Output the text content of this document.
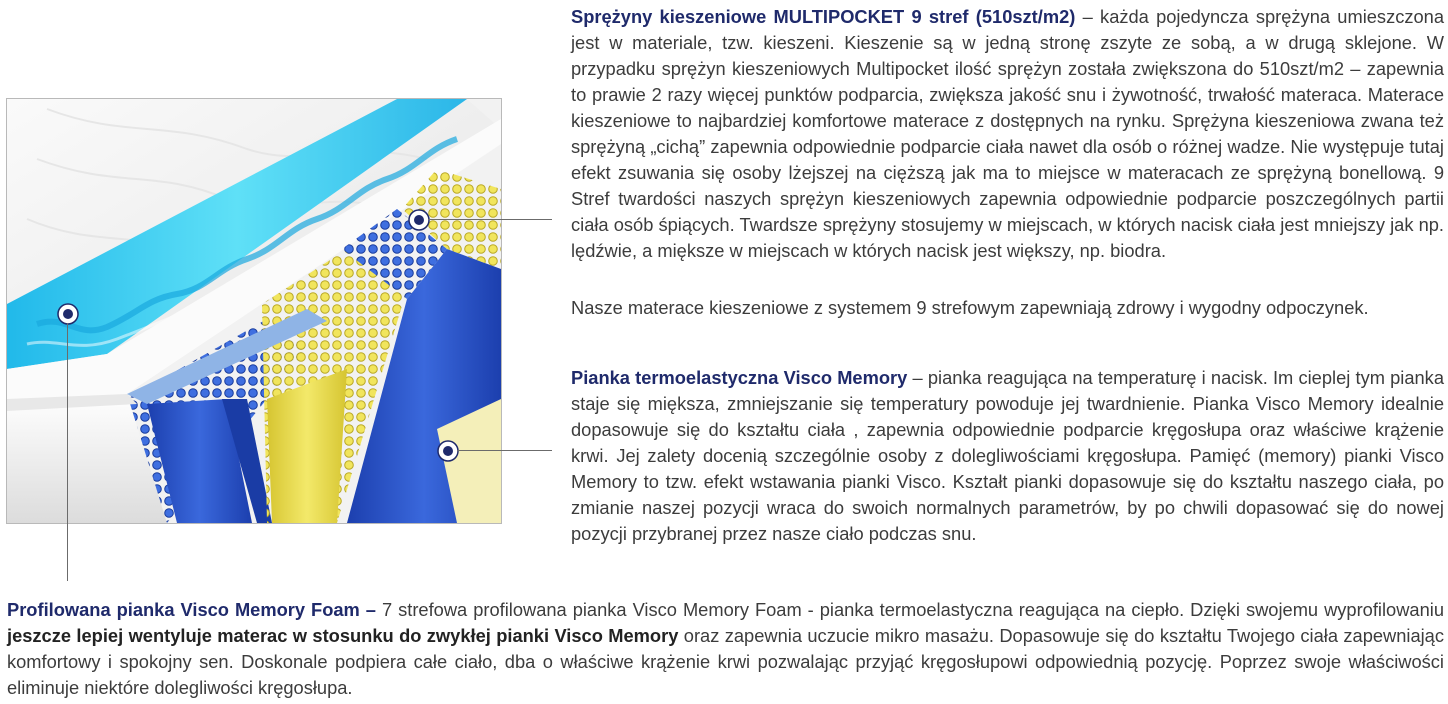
Sprężyny kieszeniowe MULTIPOCKET 9 stref (510szt/m2) – każda pojedyncza sprężyna umieszczona jest w materiale, tzw. kieszeni. Kieszenie są w jedną stronę zszyte ze sobą, a w drugą sklejone. W przypadku sprężyn kieszeniowych Multipocket ilość sprężyn została zwiększona do 510szt/m2 – zapewnia to prawie 2 razy więcej punktów podparcia, zwiększa jakość snu i żywotność, trwałość materaca. Materace kieszeniowe to najbardziej komfortowe materace z dostępnych na rynku. Sprężyna kieszeniowa zwana też sprężyną „cichą” zapewnia odpowiednie podparcie ciała nawet dla osób o różnej wadze. Nie występuje tutaj efekt zsuwania się osoby lżejszej na cięższą jak ma to miejsce w materacach ze sprężyną bonellową. 9 Stref twardości naszych sprężyn kieszeniowych zapewnia odpowiednie podparcie poszczególnych partii ciała osób śpiących. Twardsze sprężyny stosujemy w miejscach, w których nacisk ciała jest mniejszy jak np. lędźwie, a miększe w miejscach w których nacisk jest większy, np. biodra.

Nasze materace kieszeniowe z systemem 9 strefowym zapewniają zdrowy i wygodny odpoczynek.

Pianka termoelastyczna Visco Memory – pianka reagująca na temperaturę i nacisk. Im cieplej tym pianka staje się miększa, zmniejszanie się temperatury powoduje jej twardnienie. Pianka Visco Memory idealnie dopasowuje się do kształtu ciała , zapewnia odpowiednie podparcie kręgosłupa oraz właściwe krążenie krwi. Jej zalety docenią szczególnie osoby z dolegliwościami kręgosłupa. Pamięć (memory) pianki Visco Memory to tzw. efekt wstawania pianki Visco. Kształt pianki dopasowuje się do kształtu naszego ciała, po zmianie naszej pozycji wraca do swoich normalnych parametrów, by po chwili dopasować się do nowej pozycji przybranej przez nasze ciało podczas snu.

Profilowana pianka Visco Memory Foam – 7 strefowa profilowana pianka Visco Memory Foam - pianka termoelastyczna reagująca na ciepło. Dzięki swojemu wyprofilowaniu jeszcze lepiej wentyluje materac w stosunku do zwykłej pianki Visco Memory oraz zapewnia uczucie mikro masażu. Dopasowuje się do kształtu Twojego ciała zapewniając komfortowy i spokojny sen. Doskonale podpiera całe ciało, dba o właściwe krążenie krwi pozwalając przyjąć kręgosłupowi odpowiednią pozycję. Poprzez swoje właściwości eliminuje niektóre dolegliwości kręgosłupa.
